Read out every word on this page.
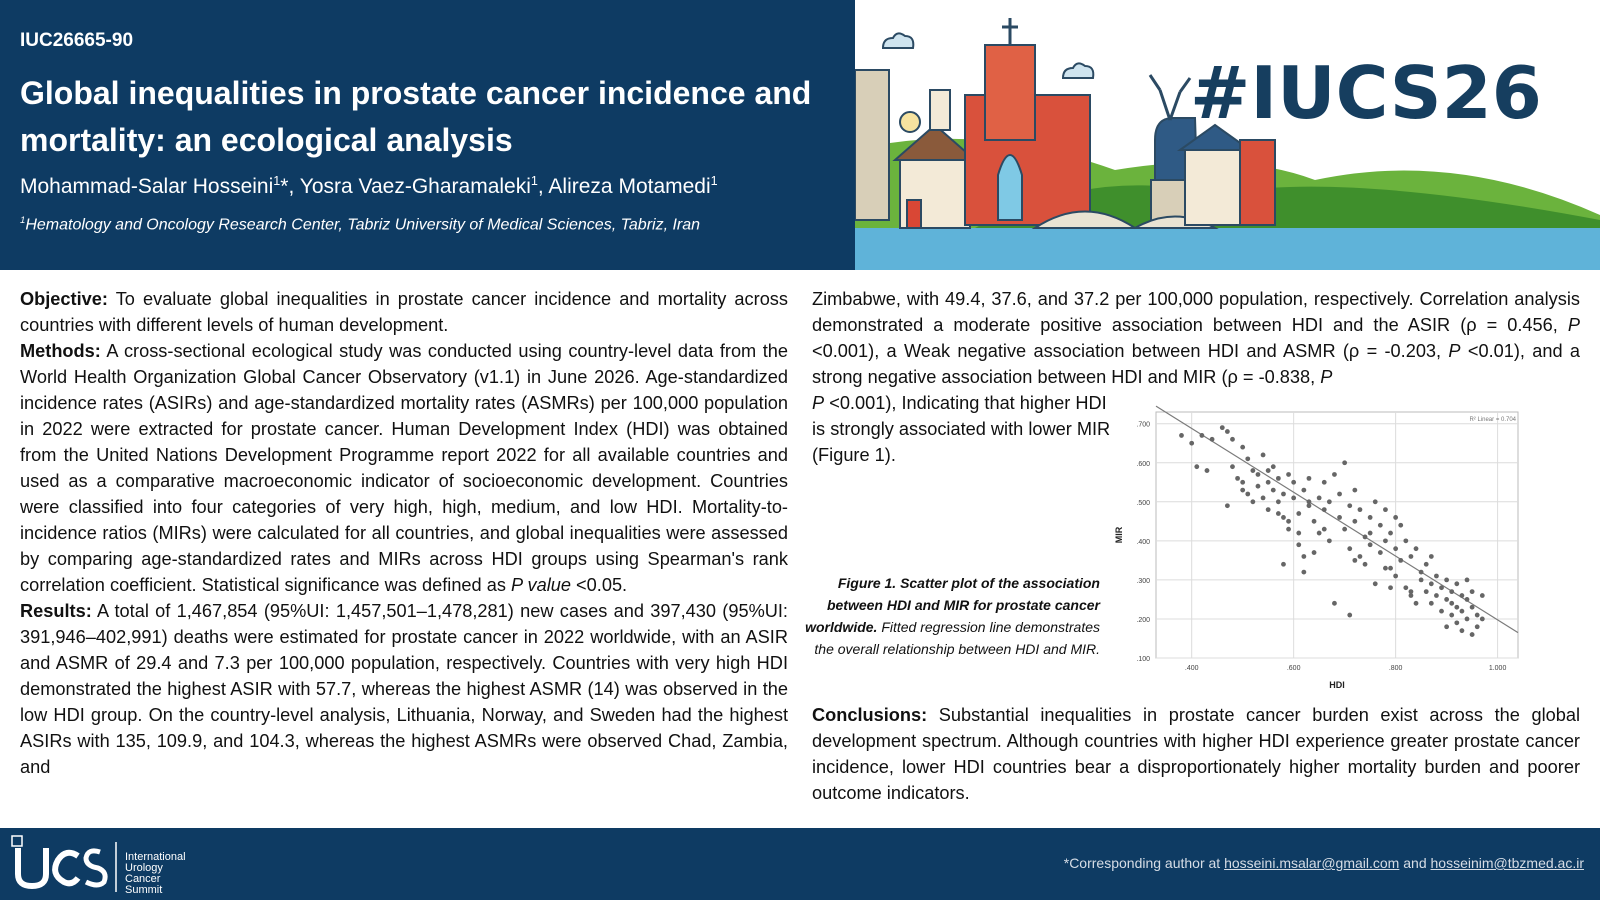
IUC26665-90
Global inequalities in prostate cancer incidence and mortality: an ecological analysis
Mohammad-Salar Hosseini$^1$*, Yosra Vaez-Gharamaleki$^1$, Alireza Motamedi$^1$
$^1$Hematology and Oncology Research Center, Tabriz University of Medical Sciences, Tabriz, Iran
#IUCS26

Objective: To evaluate global inequalities in prostate cancer incidence and mortality across countries with different levels of human development.

Methods: A cross-sectional ecological study was conducted using country-level data from the World Health Organization Global Cancer Observatory (v1.1) in June 2026. Age-standardized incidence rates (ASIRs) and age-standardized mortality rates (ASMRs) per 100,000 population in 2022 were extracted for prostate cancer. Human Development Index (HDI) was obtained from the United Nations Development Programme report 2022 for all available countries and used as a comparative macroeconomic indicator of socioeconomic development. Countries were classified into four categories of very high, high, medium, and low HDI. Mortality-to-incidence ratios (MIRs) were calculated for all countries, and global inequalities were assessed by comparing age-standardized rates and MIRs across HDI groups using Spearman's rank correlation coefficient. Statistical significance was defined as P value <0.05.

Results: A total of 1,467,854 (95%UI: 1,457,501–1,478,281) new cases and 397,430 (95%UI: 391,946–402,991) deaths were estimated for prostate cancer in 2022 worldwide, with an ASIR and ASMR of 29.4 and 7.3 per 100,000 population, respectively. Countries with very high HDI demonstrated the highest ASIR with 57.7, whereas the highest ASMR (14) was observed in the low HDI group. On the country-level analysis, Lithuania, Norway, and Sweden had the highest ASIRs with 135, 109.9, and 104.3, whereas the highest ASMRs were observed Chad, Zambia, and

Zimbabwe, with 49.4, 37.6, and 37.2 per 100,000 population, respectively. Correlation analysis demonstrated a moderate positive association between HDI and the ASIR (ρ = 0.456, P <0.001), a Weak negative association between HDI and ASMR (ρ = -0.203, P <0.01), and a strong negative association between HDI and MIR (ρ = -0.838, P

P <0.001), Indicating that higher HDI is strongly associated with lower MIR (Figure 1).
Figure 1. Scatter plot of the association between HDI and MIR for prostate cancer worldwide. Fitted regression line demonstrates the overall relationship between HDI and MIR.
.100
.200
.300
.400
.500
.600
.700
.400	.600	.800	1.000
HDI
MIR
R² Linear = 0.704
Conclusions: Substantial inequalities in prostate cancer burden exist across the global development spectrum. Although countries with higher HDI experience greater prostate cancer incidence, lower HDI countries bear a disproportionately higher mortality burden and poorer outcome indicators.
International
Urology
Cancer
Summit
*Corresponding author at hosseini.msalar@gmail.com and hosseinim@tbzmed.ac.ir
